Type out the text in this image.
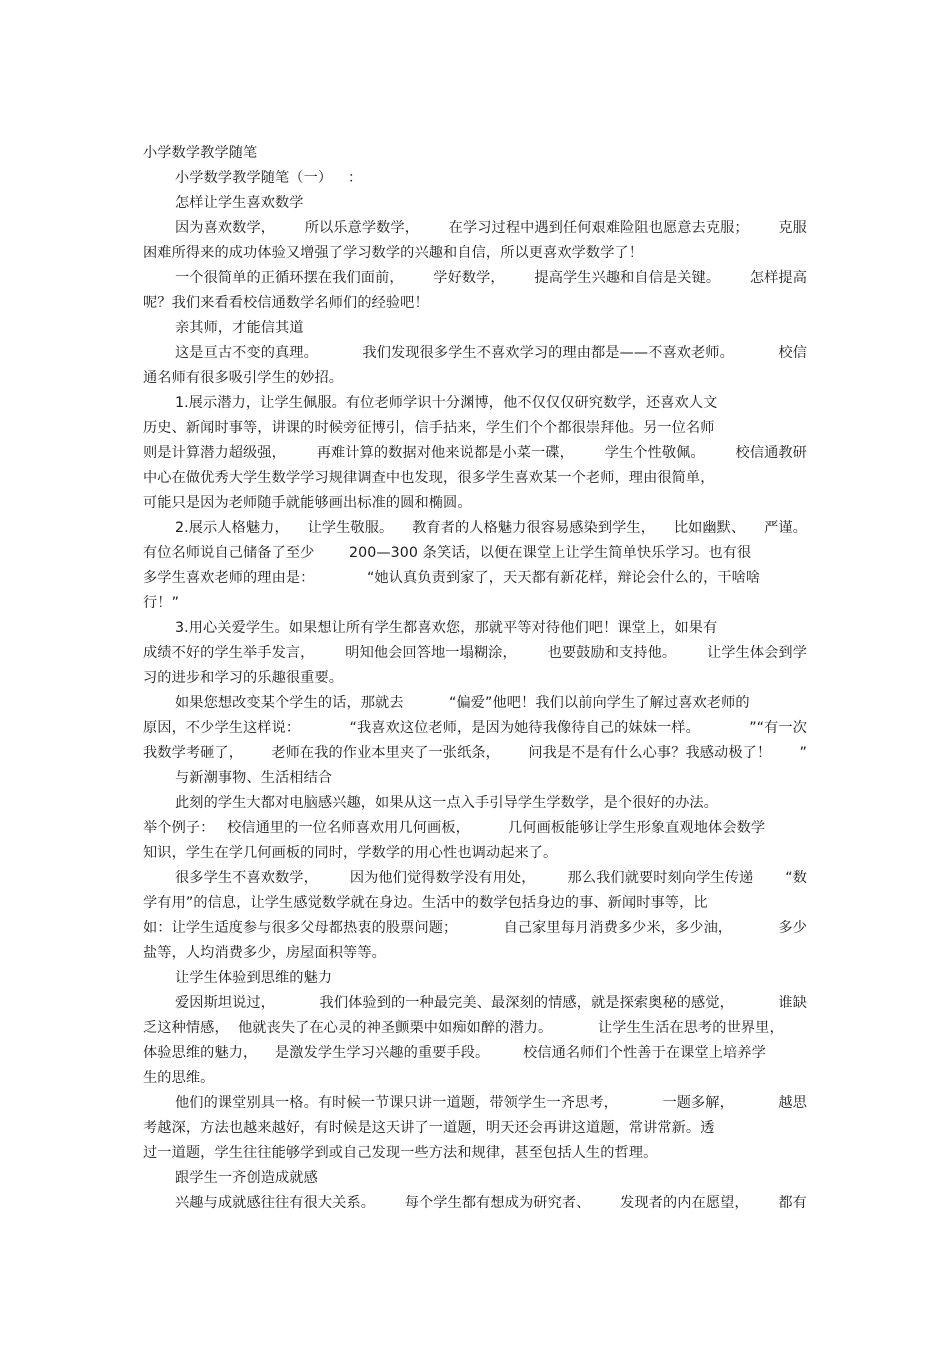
小学数学教学随笔
小学数学教学随笔（一） ：
怎样让学生喜欢数学
因为喜欢数学， 所以乐意学数学， 在学习过程中遇到任何艰难险阻也愿意去克服； 克服
困难所得来的成功体验又增强了学习数学的兴趣和自信，所以更喜欢学数学了！
一个很简单的正循环摆在我们面前， 学好数学， 提高学生兴趣和自信是关键。 怎样提高
呢？我们来看看校信通数学名师们的经验吧！
亲其师，才能信其道
这是亘古不变的真理。	我们发现很多学生不喜欢学习的理由都是——不喜欢老师。	校信
通名师有很多吸引学生的妙招。
1.展示潜力，让学生佩服。有位老师学识十分渊博，他不仅仅仅研究数学，还喜欢人文
历史、新闻时事等，讲课的时候旁征博引，信手拈来，学生们个个都很崇拜他。另一位名师
则是计算潜力超级强， 再难计算的数据对他来说都是小菜一碟， 学生个性敬佩。 校信通教研
中心在做优秀大学生数学学习规律调查中也发现，很多学生喜欢某一个老师，理由很简单，
可能只是因为老师随手就能够画出标准的圆和椭圆。
2.展示人格魅力， 让学生敬服。 教育者的人格魅力很容易感染到学生， 比如幽默、 严谨。
有位名师说自己储备了至少 200—300 条笑话，以便在课堂上让学生简单快乐学习。也有很
多学生喜欢老师的理由是：	“她认真负责到家了，天天都有新花样，辩论会什么的，干啥啥
行！”
3.用心关爱学生。如果想让所有学生都喜欢您，那就平等对待他们吧！课堂上，如果有
成绩不好的学生举手发言， 明知他会回答地一塌糊涂， 也要鼓励和支持他。 让学生体会到学
习的进步和学习的乐趣很重要。
如果您想改变某个学生的话，那就去	“偏爱”他吧！我们以前向学生了解过喜欢老师的
原因，不少学生这样说：	“我喜欢这位老师，是因为她待我像待自己的妹妹一样。	”“有一次
我数学考砸了， 老师在我的作业本里夹了一张纸条， 问我是不是有什么心事？我感动极了！ ”
与新潮事物、生活相结合
此刻的学生大都对电脑感兴趣，如果从这一点入手引导学生学数学，是个很好的办法。
举个例子： 校信通里的一位名师喜欢用几何画板，	几何画板能够让学生形象直观地体会数学
知识，学生在学几何画板的同时，学数学的用心性也调动起来了。
很多学生不喜欢数学， 因为他们觉得数学没有用处， 那么我们就要时刻向学生传递 “数
学有用”的信息，让学生感觉数学就在身边。生活中的数学包括身边的事、新闻时事等，比
如：让学生适度参与很多父母都热衷的股票问题；	自己家里每月消费多少米，多少油，	多少
盐等，人均消费多少，房屋面积等等。
让学生体验到思维的魅力
爱因斯坦说过，	我们体验到的一种最完美、最深刻的情感，就是探索奥秘的感觉，	谁缺
乏这种情感， 他就丧失了在心灵的神圣颤栗中如痴如醉的潜力。	让学生生活在思考的世界里，
体验思维的魅力， 是激发学生学习兴趣的重要手段。 校信通名师们个性善于在课堂上培养学
生的思维。
他们的课堂别具一格。有时候一节课只讲一道题，带领学生一齐思考，	一题多解，	越思
考越深，方法也越来越好，有时候是这天讲了一道题，明天还会再讲这道题，常讲常新。透
过一道题，学生往往能够学到或自己发现一些方法和规律，甚至包括人生的哲理。
跟学生一齐创造成就感
兴趣与成就感往往有很大关系。 每个学生都有想成为研究者、 发现者的内在愿望， 都有
